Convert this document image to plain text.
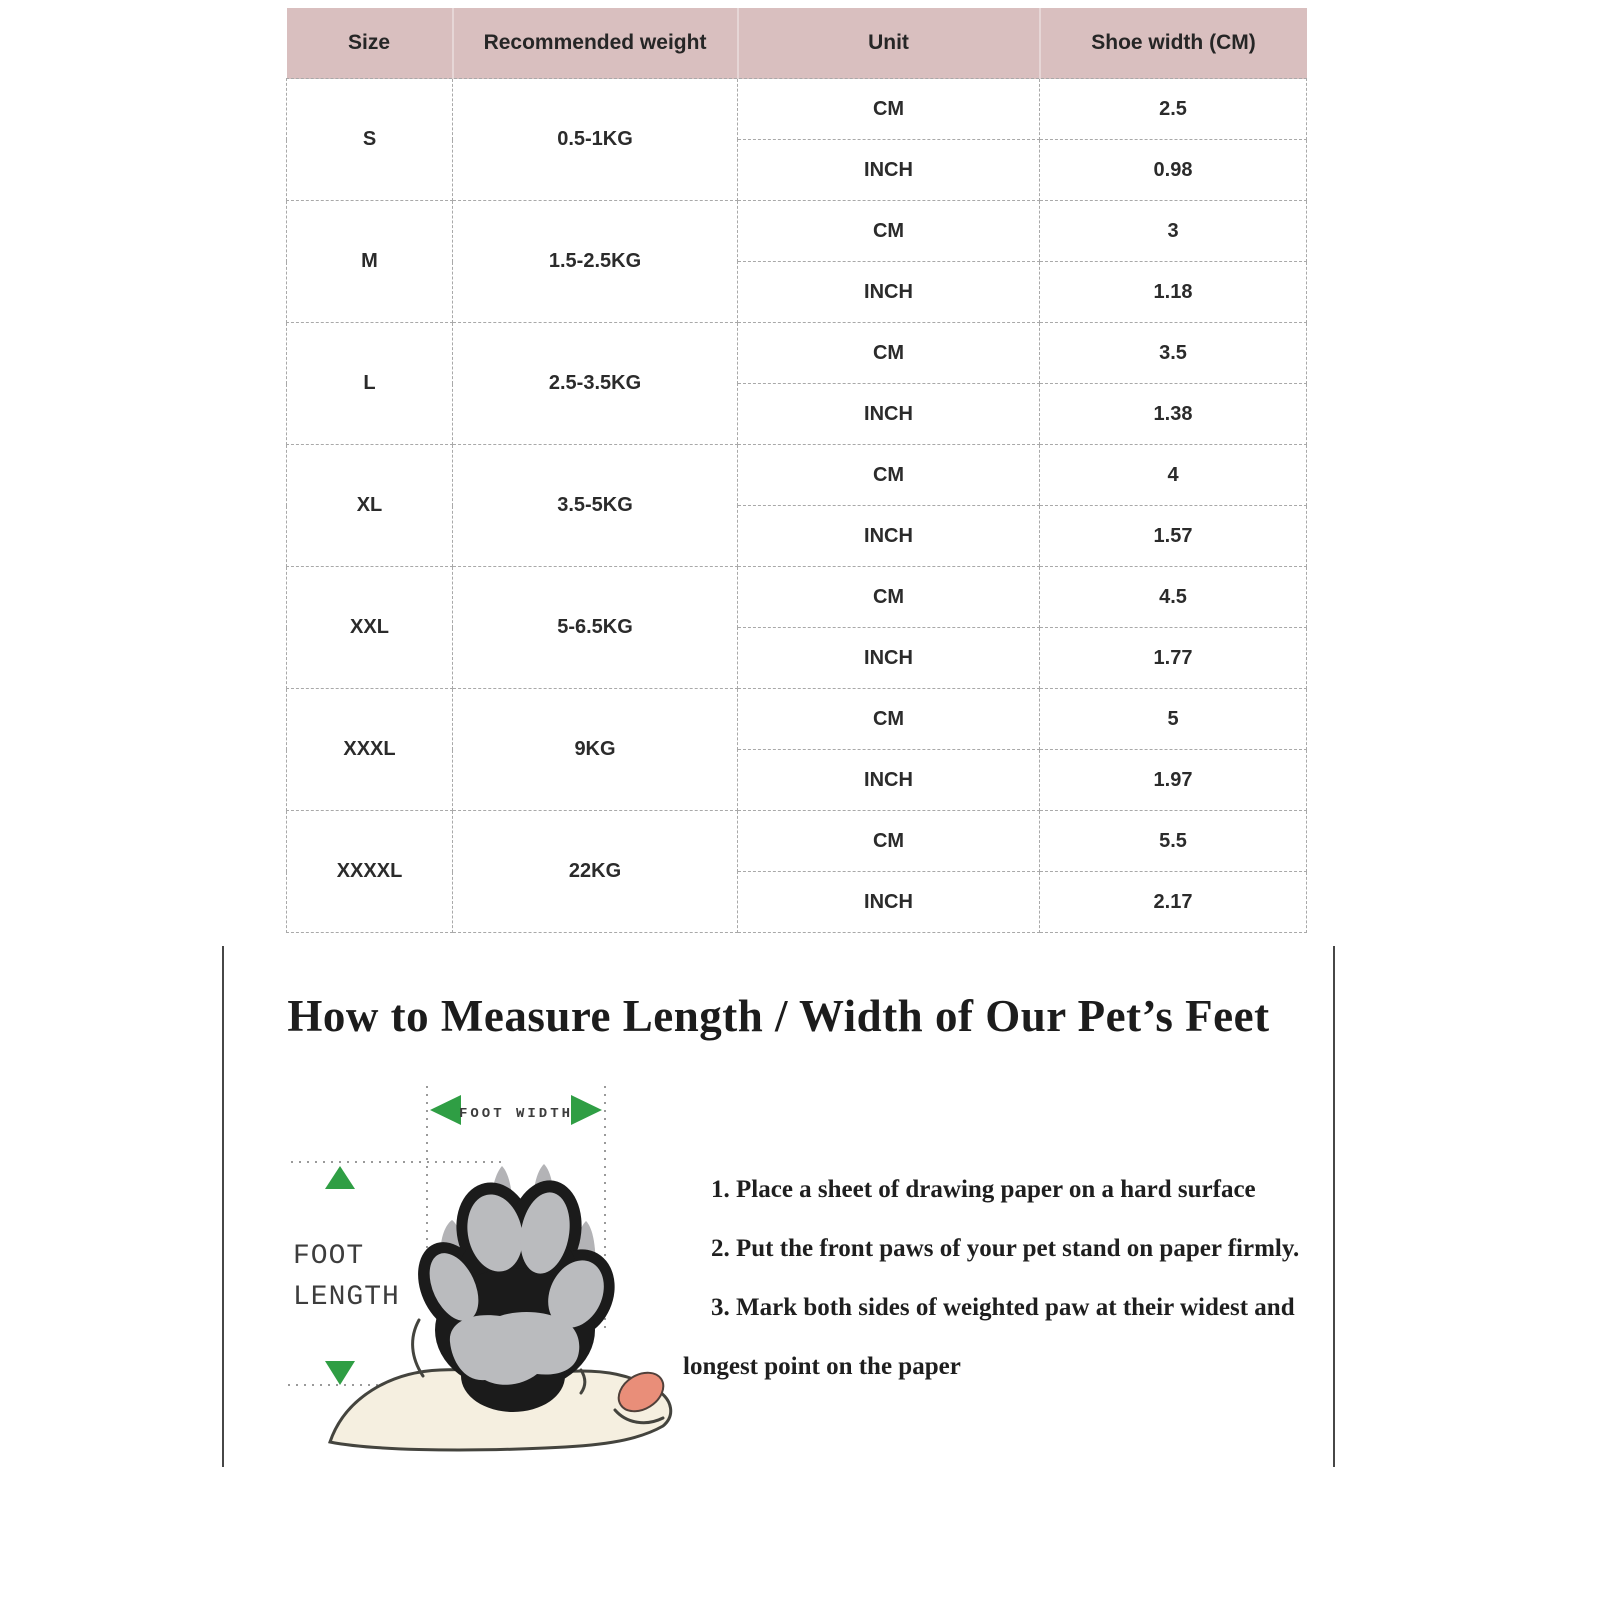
Size	Recommended weight	Unit	Shoe width (CM)
S	0.5-1KG	CM	2.5
		INCH	0.98
M	1.5-2.5KG	CM	3
		INCH	1.18
L	2.5-3.5KG	CM	3.5
		INCH	1.38
XL	3.5-5KG	CM	4
		INCH	1.57
XXL	5-6.5KG	CM	4.5
		INCH	1.77
XXXL	9KG	CM	5
		INCH	1.97
XXXXL	22KG	CM	5.5
		INCH	2.17
How to Measure Length / Width of Our Pet’s Feet
FOOT WIDTH
FOOT
LENGTH

1. Place a sheet of drawing paper on a hard surface

2. Put the front paws of your pet stand on paper firmly.

3. Mark both sides of weighted paw at their widest and longest point on the paper
